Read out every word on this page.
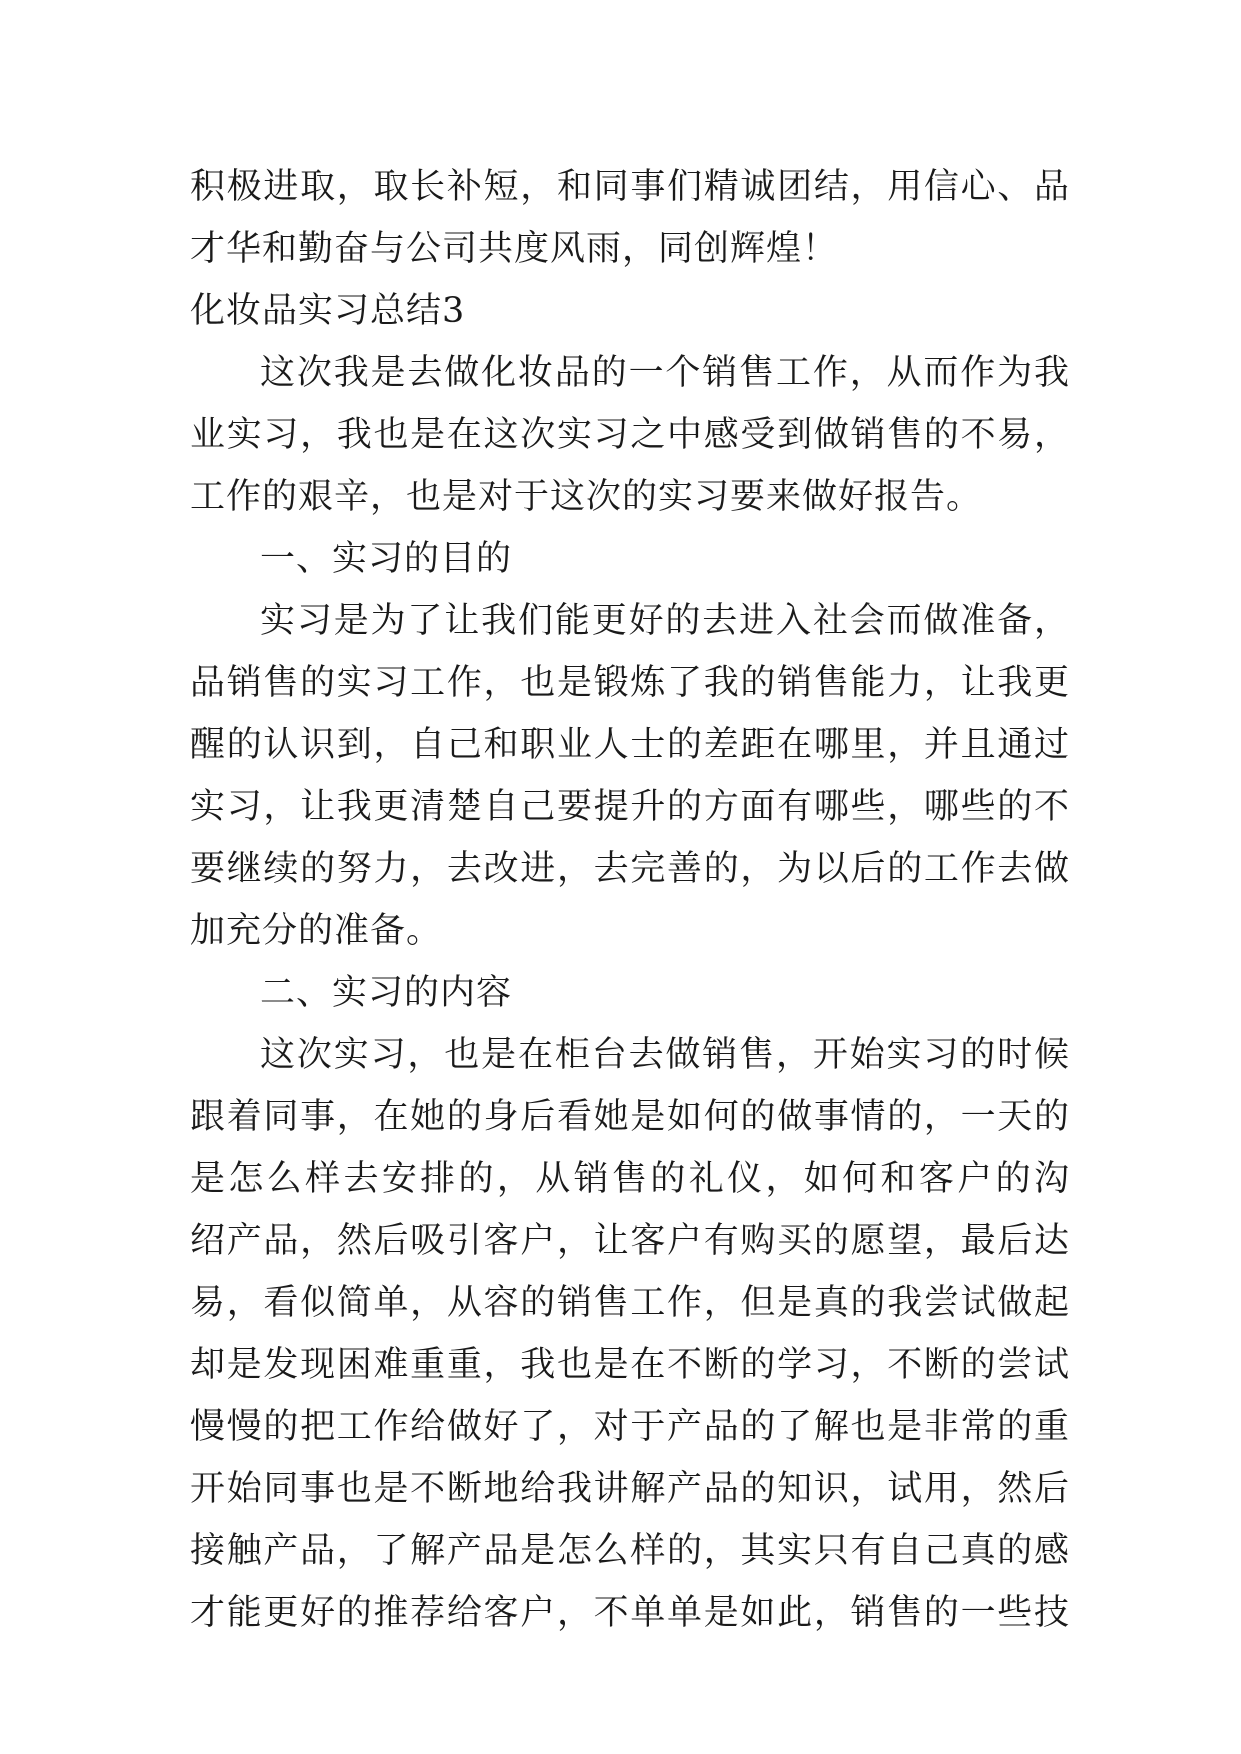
积极进取，取长补短，和同事们精诚团结，用信心、品
才华和勤奋与公司共度风雨，同创辉煌！
化妆品实习总结3
这次我是去做化妆品的一个销售工作，从而作为我
业实习，我也是在这次实习之中感受到做销售的不易，
工作的艰辛，也是对于这次的实习要来做好报告。
一、实习的目的
实习是为了让我们能更好的去进入社会而做准备，
品销售的实习工作，也是锻炼了我的销售能力，让我更
醒的认识到，自己和职业人士的差距在哪里，并且通过
实习，让我更清楚自己要提升的方面有哪些，哪些的不
要继续的努力，去改进，去完善的，为以后的工作去做
加充分的准备。
二、实习的内容
这次实习，也是在柜台去做销售，开始实习的时候
跟着同事，在她的身后看她是如何的做事情的，一天的
是怎么样去安排的，从销售的礼仪，如何和客户的沟
绍产品，然后吸引客户，让客户有购买的愿望，最后达
易，看似简单，从容的销售工作，但是真的我尝试做起
却是发现困难重重，我也是在不断的学习，不断的尝试
慢慢的把工作给做好了，对于产品的了解也是非常的重
开始同事也是不断地给我讲解产品的知识，试用，然后
接触产品，了解产品是怎么样的，其实只有自己真的感
才能更好的推荐给客户，不单单是如此，销售的一些技
